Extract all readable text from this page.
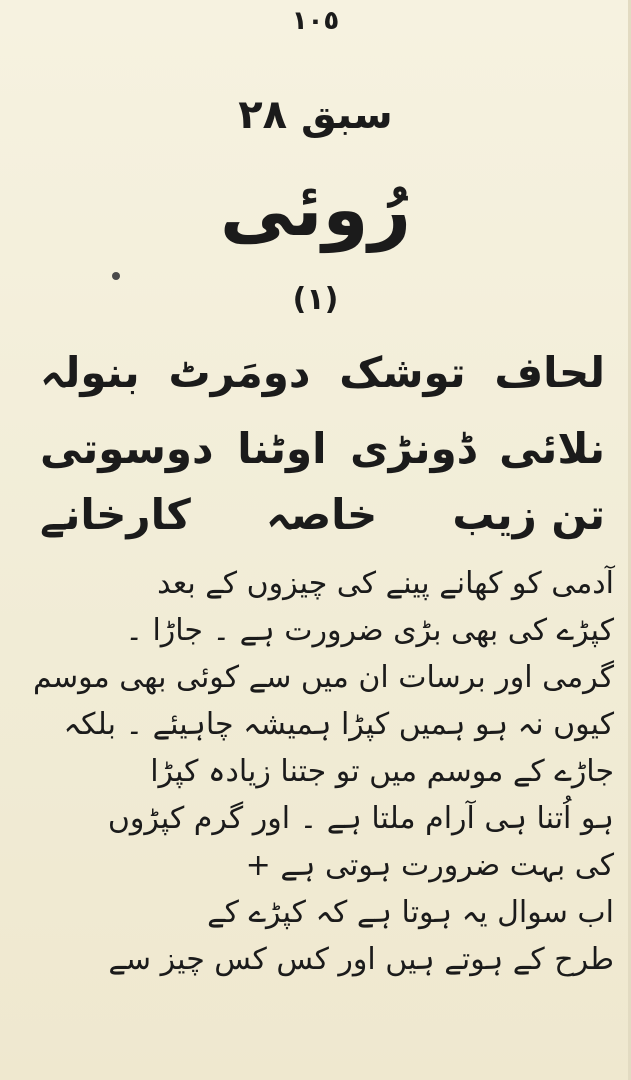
١٠٥
سبق ۲۸
رُوئی
(١)
لحاف
توشک
دومَرٹ
بنولہ
نلائی
ڈونڑی
اوٹنا
دوسوتی
تن زیب
خاصہ
کارخانے
آدمی کو کھانے پینے کی چیزوں کے بعد
کپڑے کی بھی بڑی ضرورت ہے ۔ جاڑا ۔
گرمی اور برسات ان میں سے کوئی بھی موسم
کیوں نہ ہو ہمیں کپڑا ہمیشہ چاہیئے ۔ بلکہ
جاڑے کے موسم میں تو جتنا زیادہ کپڑا
ہو اُتنا ہی آرام ملتا ہے ۔ اور گرم کپڑوں
کی بہت ضرورت ہوتی ہے +
اب سوال یہ ہوتا ہے کہ کپڑے کے
طرح کے ہوتے ہیں اور کس کس چیز سے
